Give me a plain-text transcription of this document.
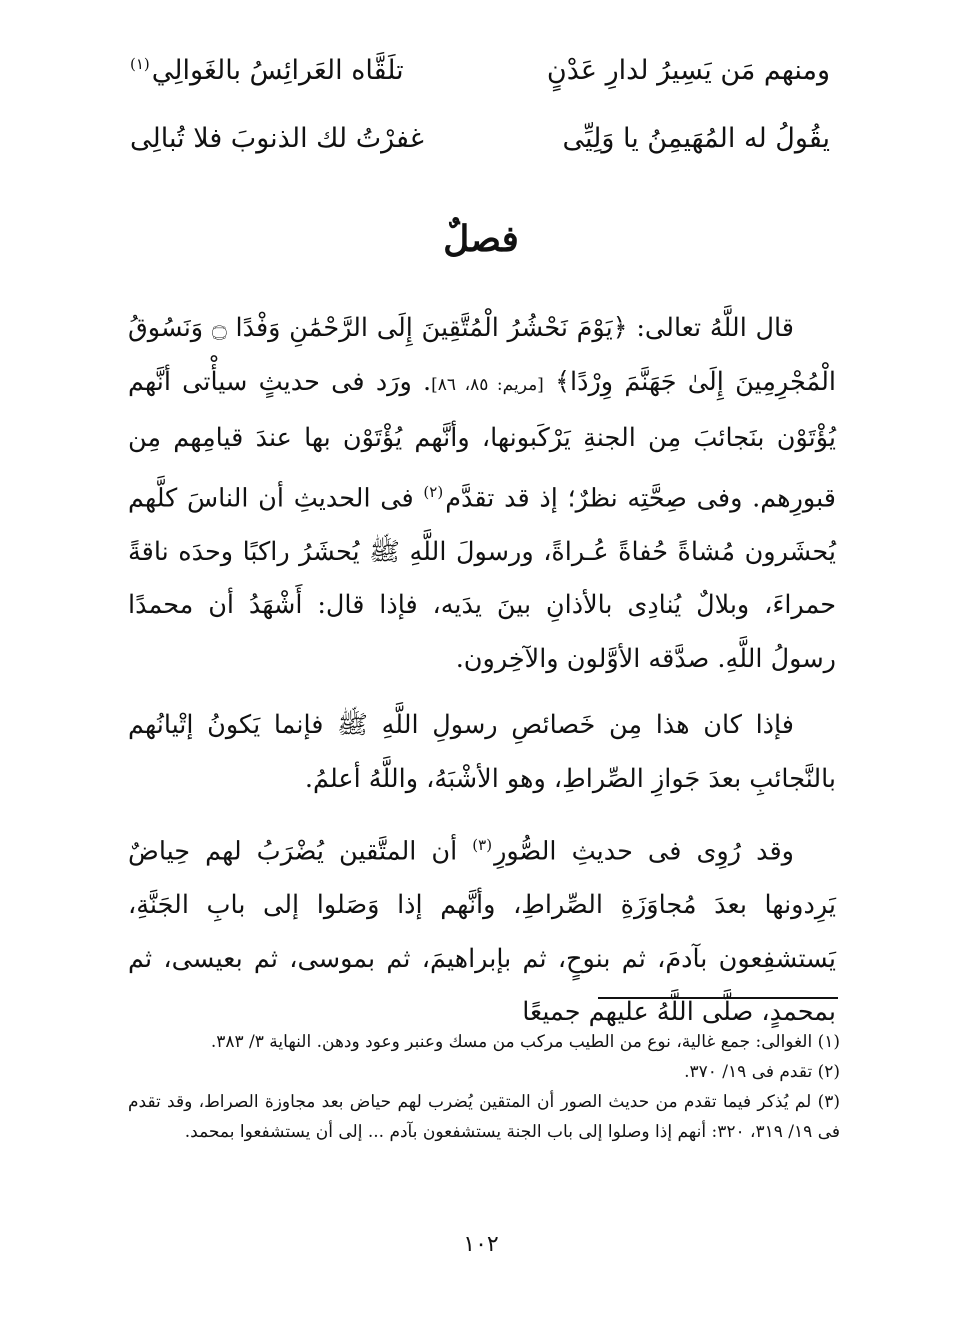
ومنهم مَن يَسِيرُ لدارِ عَدْنٍ
تلَقَّاه العَرائِسُ بالغَوالِي$^{(١)}$
يقُولُ له المُهَيمِنُ يا وَلِيِّى
غفرْتُ لك الذنوبَ فلا تُبالِى
فصلٌ

قال اللَّهُ تعالى: ﴿يَوْمَ نَحْشُرُ الْمُتَّقِينَ إِلَى الرَّحْمَٰنِ وَفْدًا ۝ وَنَسُوقُ الْمُجْرِمِينَ إِلَىٰ جَهَنَّمَ وِرْدًا﴾ [مريم: ٨٥، ٨٦]. ورَد فى حديثٍ سيأْتى أنَّهم يُؤْتَوْن بنَجائبَ مِن الجنةِ يَرْكَبونها، وأنَّهم يُؤْتَوْن بها عندَ قيامِهم مِن قبورِهم. وفى صِحَّتِه نظرٌ؛ إذ قد تقدَّم$^{(٢)}$ فى الحديثِ أن الناسَ كلَّهم يُحشَرون مُشاةً حُفاةً عُـراةً، ورسولَ اللَّهِ ﷺ يُحشَرُ راكبًا وحدَه ناقةً حمراءَ، وبلالٌ يُنادِى بالأذانِ بينَ يدَيه، فإذا قال: أَشْهَدُ أن محمدًا رسولُ اللَّهِ. صدَّقه الأوَّلون والآخِرون.

فإذا كان هذا مِن خَصائصِ رسولِ اللَّهِ ﷺ فإنما يَكونُ إتْيانُهم بالنَّجائبِ بعدَ جَوازِ الصِّراطِ، وهو الأشْبَهُ، واللَّهُ أعلمُ.

وقد رُوِى فى حديثِ الصُّورِ$^{(٣)}$ أن المتَّقين يُضْرَبُ لهم حِياضٌ يَرِدونها بعدَ مُجاوَزَةِ الصِّراطِ، وأنَّهم إذا وَصَلوا إلى بابِ الجَنَّةِ، يَستشفِعون بآدمَ، ثم بنوحٍ، ثم بإبراهيمَ، ثم بموسى، ثم بعيسى، ثم بمحمدٍ، صلَّى اللَّهُ عليهم جميعًا

(١) الغوالى: جمع غالية، نوع من الطيب مركب من مسك وعنبر وعود ودهن. النهاية ٣/ ٣٨٣.

(٢) تقدم فى ١٩/ ٣٧٠.

(٣) لم يُذكر فيما تقدم من حديث الصور أن المتقين يُضرب لهم حياض بعد مجاوزة الصراط، وقد تقدم فى ١٩/ ٣١٩، ٣٢٠: أنهم إذا وصلوا إلى باب الجنة يستشفعون بآدم ... إلى أن يستشفعوا بمحمد.

١٠٢
